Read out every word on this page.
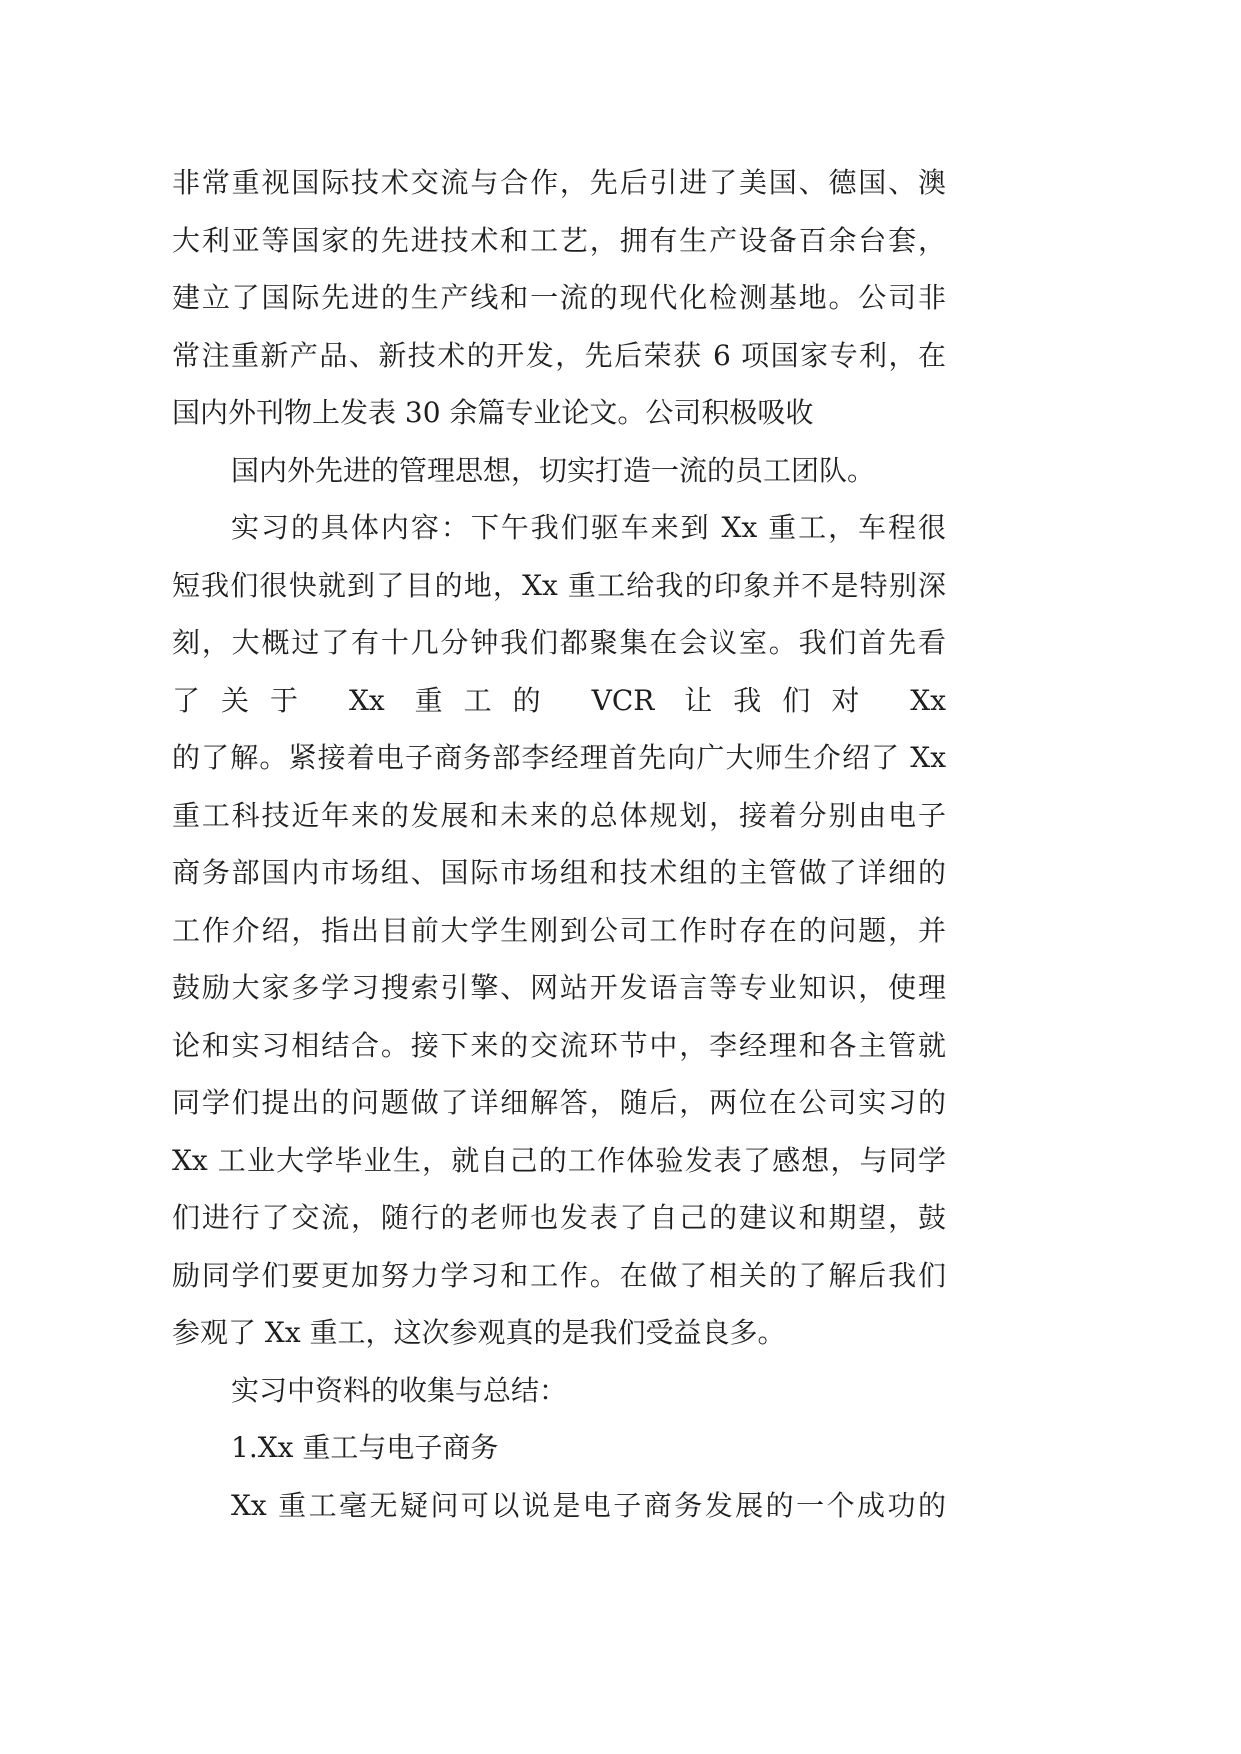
非常重视国际技术交流与合作，先后引进了美国、德国、澳
大利亚等国家的先进技术和工艺，拥有生产设备百余台套，
建立了国际先进的生产线和一流的现代化检测基地。公司非
常注重新产品、新技术的开发，先后荣获 6 项国家专利，在
国内外刊物上发表 30 余篇专业论文。公司积极吸收
国内外先进的管理思想，切实打造一流的员工团队。
实习的具体内容：下午我们驱车来到 Xx 重工，车程很
短我们很快就到了目的地，Xx 重工给我的印象并不是特别深
刻，大概过了有十几分钟我们都聚集在会议室。我们首先看
了关于 Xx 重工的 VCR 让我们对 Xx
的了解。紧接着电子商务部李经理首先向广大师生介绍了 Xx
重工科技近年来的发展和未来的总体规划，接着分别由电子
商务部国内市场组、国际市场组和技术组的主管做了详细的
工作介绍，指出目前大学生刚到公司工作时存在的问题，并
鼓励大家多学习搜索引擎、网站开发语言等专业知识，使理
论和实习相结合。接下来的交流环节中，李经理和各主管就
同学们提出的问题做了详细解答，随后，两位在公司实习的
Xx 工业大学毕业生，就自己的工作体验发表了感想，与同学
们进行了交流，随行的老师也发表了自己的建议和期望，鼓
励同学们要更加努力学习和工作。在做了相关的了解后我们
参观了 Xx 重工，这次参观真的是我们受益良多。
实习中资料的收集与总结：
1.Xx 重工与电子商务
Xx 重工毫无疑问可以说是电子商务发展的一个成功的
